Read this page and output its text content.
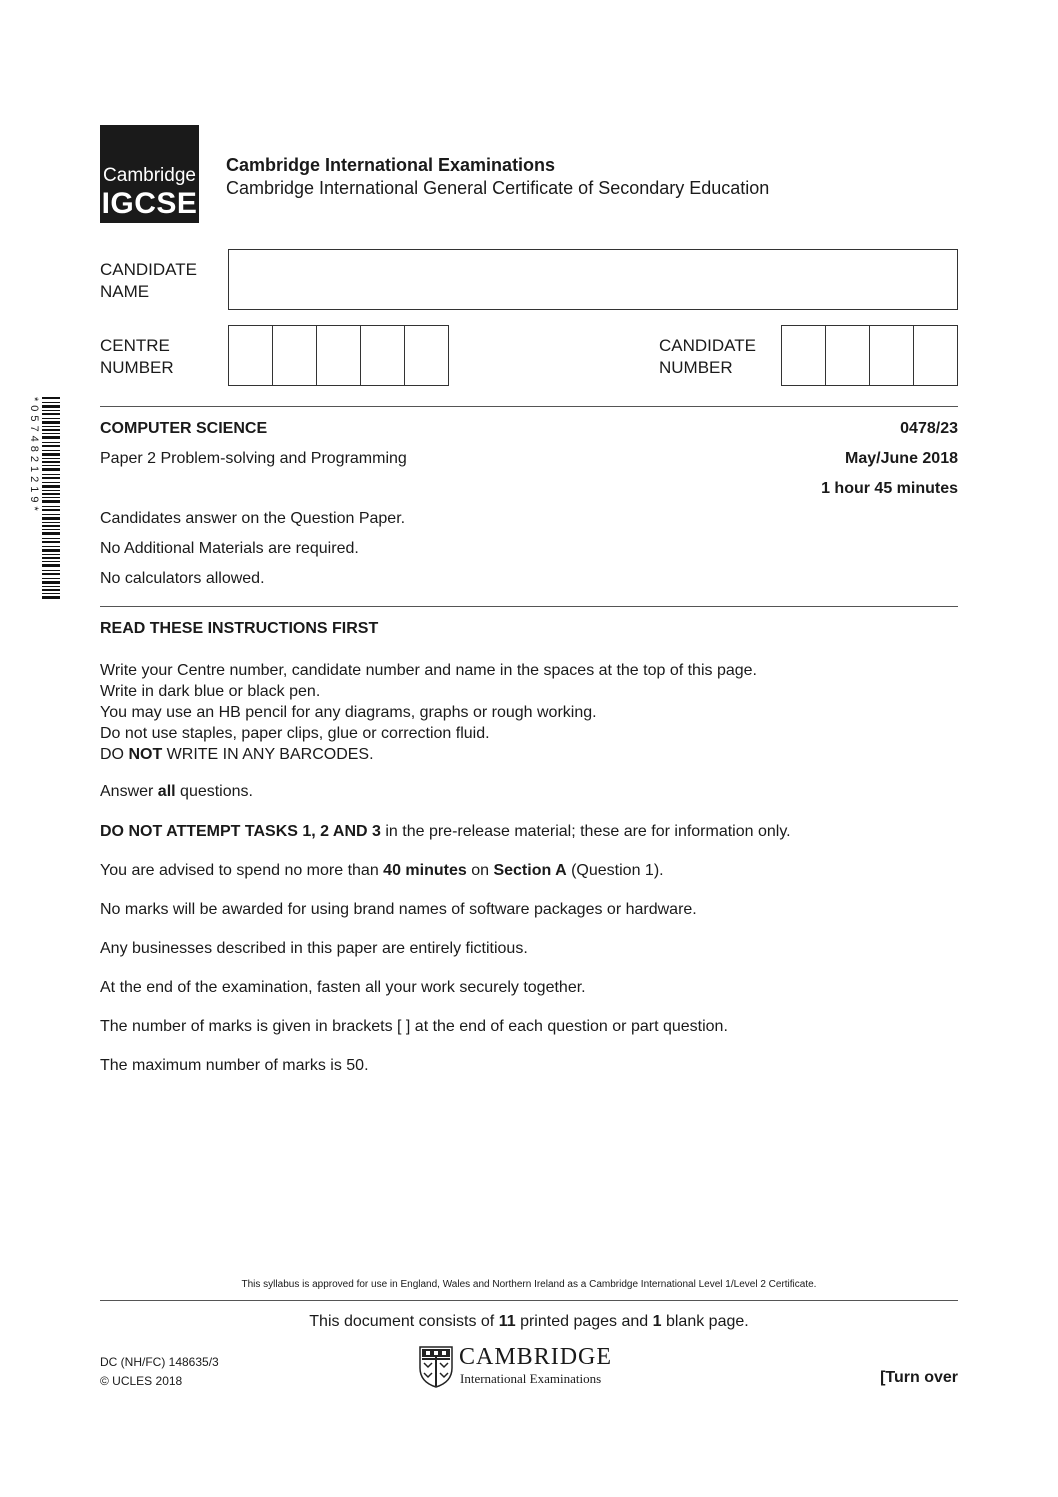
Cambridge
IGCSE
Cambridge International Examinations
Cambridge International General Certificate of Secondary Education
CANDIDATE
NAME
CENTRE
NUMBER
CANDIDATE
NUMBER
*0574821219*	COMPUTER SCIENCE	0478/23
Paper 2 Problem-solving and Programming	May/June 2018
1 hour 45 minutes
Candidates answer on the Question Paper.
No Additional Materials are required.
No calculators allowed.
READ THESE INSTRUCTIONS FIRST
Write your Centre number, candidate number and name in the spaces at the top of this page.
Write in dark blue or black pen.
You may use an HB pencil for any diagrams, graphs or rough working.
Do not use staples, paper clips, glue or correction fluid.
DO NOT WRITE IN ANY BARCODES.
Answer all questions.
DO NOT ATTEMPT TASKS 1, 2 AND 3 in the pre-release material; these are for information only.
You are advised to spend no more than 40 minutes on Section A (Question 1).
No marks will be awarded for using brand names of software packages or hardware.
Any businesses described in this paper are entirely fictitious.
At the end of the examination, fasten all your work securely together.
The number of marks is given in brackets [ ] at the end of each question or part question.
The maximum number of marks is 50.
This syllabus is approved for use in England, Wales and Northern Ireland as a Cambridge International Level 1/Level 2 Certificate.
This document consists of 11 printed pages and 1 blank page.
DC (NH/FC) 148635/3
© UCLES 2018
CAMBRIDGE
International Examinations	[Turn over
